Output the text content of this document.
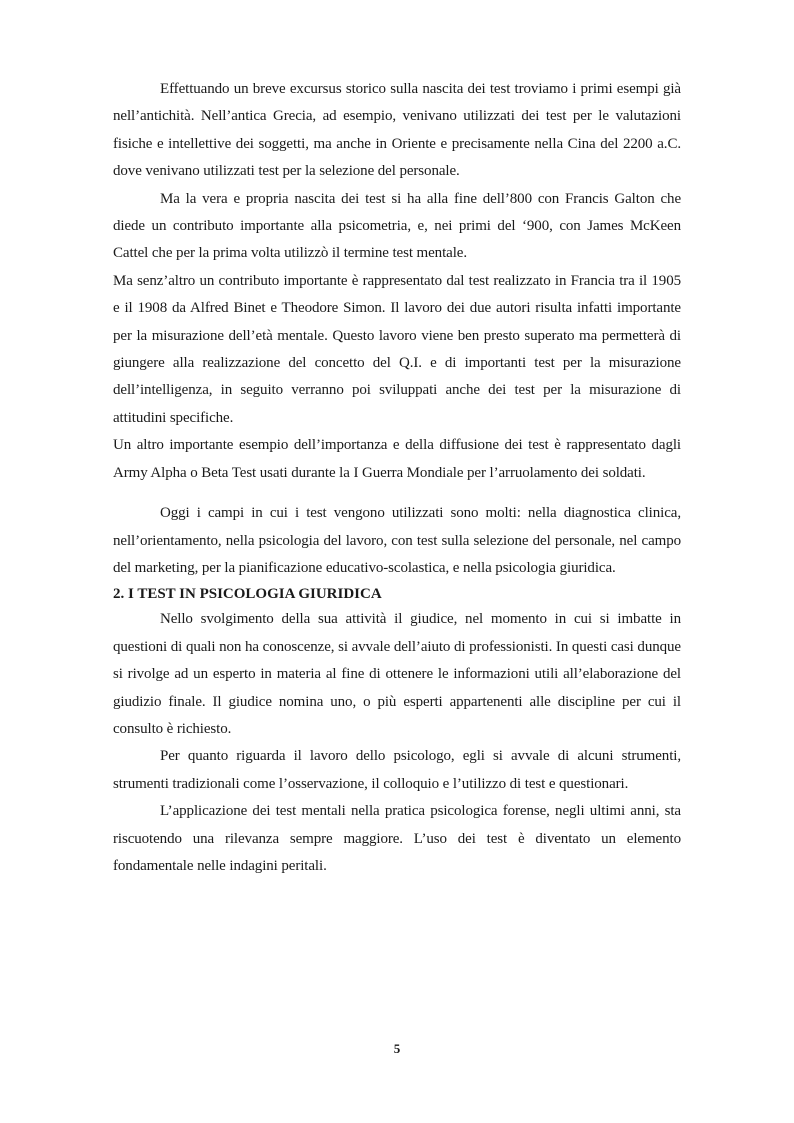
Effettuando un breve excursus storico sulla nascita dei test troviamo i primi esempi già nell’antichità. Nell’antica Grecia, ad esempio, venivano utilizzati dei test per le valutazioni fisiche e intellettive dei soggetti, ma anche in Oriente e precisamente nella Cina del 2200 a.C. dove venivano utilizzati test per la selezione del personale.

Ma la vera e propria nascita dei test si ha alla fine dell’800 con Francis Galton che diede un contributo importante alla psicometria, e, nei primi del ‘900, con James McKeen Cattel che per la prima volta utilizzò il termine test mentale.

Ma senz’altro un contributo importante è rappresentato dal test realizzato in Francia tra il 1905 e il 1908 da Alfred Binet e Theodore Simon. Il lavoro dei due autori risulta infatti importante per la misurazione dell’età mentale. Questo lavoro viene ben presto superato ma permetterà di giungere alla realizzazione del concetto del Q.I. e di importanti test per la misurazione dell’intelligenza, in seguito verranno poi sviluppati anche dei test per la misurazione di attitudini specifiche.

Un altro importante esempio dell’importanza e della diffusione dei test è rappresentato dagli Army Alpha o Beta Test usati durante la I Guerra Mondiale per l’arruolamento dei soldati.

Oggi i campi in cui i test vengono utilizzati sono molti: nella diagnostica clinica, nell’orientamento, nella psicologia del lavoro, con test sulla selezione del personale, nel campo del marketing, per la pianificazione educativo-scolastica, e nella psicologia giuridica.

2. I TEST IN PSICOLOGIA GIURIDICA

Nello svolgimento della sua attività il giudice, nel momento in cui si imbatte in questioni di quali non ha conoscenze, si avvale dell’aiuto di professionisti. In questi casi dunque si rivolge ad un esperto in materia al fine di ottenere le informazioni utili all’elaborazione del giudizio finale. Il giudice nomina uno, o più esperti appartenenti alle discipline per cui il consulto è richiesto.

Per quanto riguarda il lavoro dello psicologo, egli si avvale di alcuni strumenti, strumenti tradizionali come l’osservazione, il colloquio e l’utilizzo di test e questionari.

L’applicazione dei test mentali nella pratica psicologica forense, negli ultimi anni, sta riscuotendo una rilevanza sempre maggiore. L’uso dei test è diventato un elemento fondamentale nelle indagini peritali.

5
